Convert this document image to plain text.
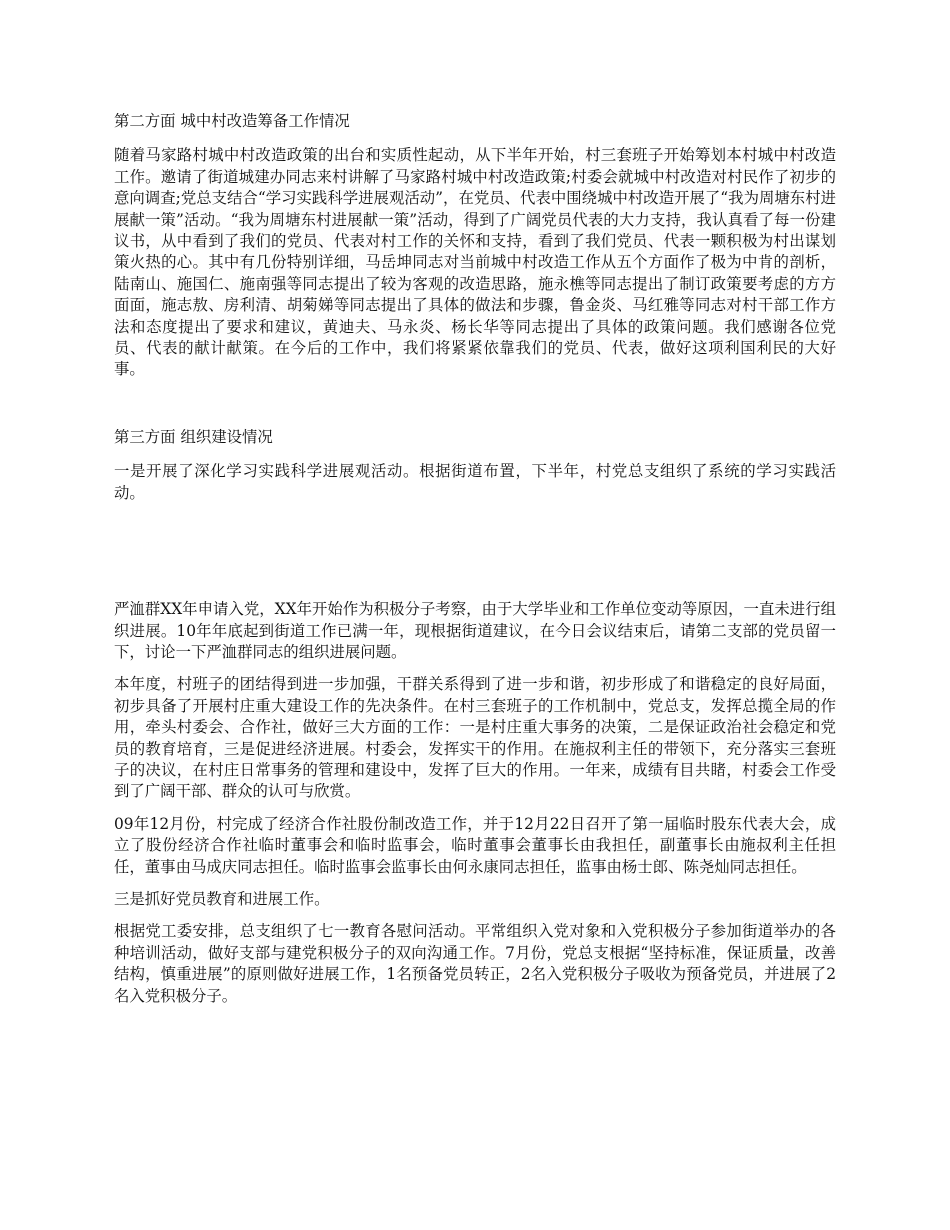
第二方面 城中村改造筹备工作情况

随着马家路村城中村改造政策的出台和实质性起动，从下半年开始，村三套班子开始筹划本村城中村改造工作。邀请了街道城建办同志来村讲解了马家路村城中村改造政策;村委会就城中村改造对村民作了初步的意向调查;党总支结合“学习实践科学进展观活动”，在党员、代表中围绕城中村改造开展了“我为周塘东村进展献一策”活动。“我为周塘东村进展献一策”活动，得到了广阔党员代表的大力支持，我认真看了每一份建议书，从中看到了我们的党员、代表对村工作的关怀和支持，看到了我们党员、代表一颗积极为村出谋划策火热的心。其中有几份特别详细，马岳坤同志对当前城中村改造工作从五个方面作了极为中肯的剖析，陆南山、施国仁、施南强等同志提出了较为客观的改造思路，施永樵等同志提出了制订政策要考虑的方方面面，施志敖、房利清、胡菊娣等同志提出了具体的做法和步骤，鲁金炎、马红雅等同志对村干部工作方法和态度提出了要求和建议，黄迪夫、马永炎、杨长华等同志提出了具体的政策问题。我们感谢各位党员、代表的献计献策。在今后的工作中，我们将紧紧依靠我们的党员、代表，做好这项利国利民的大好事。

第三方面 组织建设情况

一是开展了深化学习实践科学进展观活动。根据街道布置，下半年，村党总支组织了系统的学习实践活动。

严洫群XX年申请入党，XX年开始作为积极分子考察，由于大学毕业和工作单位变动等原因，一直未进行组织进展。10年年底起到街道工作已满一年，现根据街道建议，在今日会议结束后，请第二支部的党员留一下，讨论一下严洫群同志的组织进展问题。

本年度，村班子的团结得到进一步加强，干群关系得到了进一步和谐，初步形成了和谐稳定的良好局面，初步具备了开展村庄重大建设工作的先决条件。在村三套班子的工作机制中，党总支，发挥总揽全局的作用，牵头村委会、合作社，做好三大方面的工作：一是村庄重大事务的决策，二是保证政治社会稳定和党员的教育培育，三是促进经济进展。村委会，发挥实干的作用。在施叔利主任的带领下，充分落实三套班子的决议，在村庄日常事务的管理和建设中，发挥了巨大的作用。一年来，成绩有目共睹，村委会工作受到了广阔干部、群众的认可与欣赏。

09年12月份，村完成了经济合作社股份制改造工作，并于12月22日召开了第一届临时股东代表大会，成立了股份经济合作社临时董事会和临时监事会，临时董事会董事长由我担任，副董事长由施叔利主任担任，董事由马成庆同志担任。临时监事会监事长由何永康同志担任，监事由杨士郎、陈尧灿同志担任。

三是抓好党员教育和进展工作。

根据党工委安排，总支组织了七一教育各慰问活动。平常组织入党对象和入党积极分子参加街道举办的各种培训活动，做好支部与建党积极分子的双向沟通工作。7月份，党总支根据“坚持标准，保证质量，改善结构，慎重进展”的原则做好进展工作，1名预备党员转正，2名入党积极分子吸收为预备党员，并进展了2名入党积极分子。
